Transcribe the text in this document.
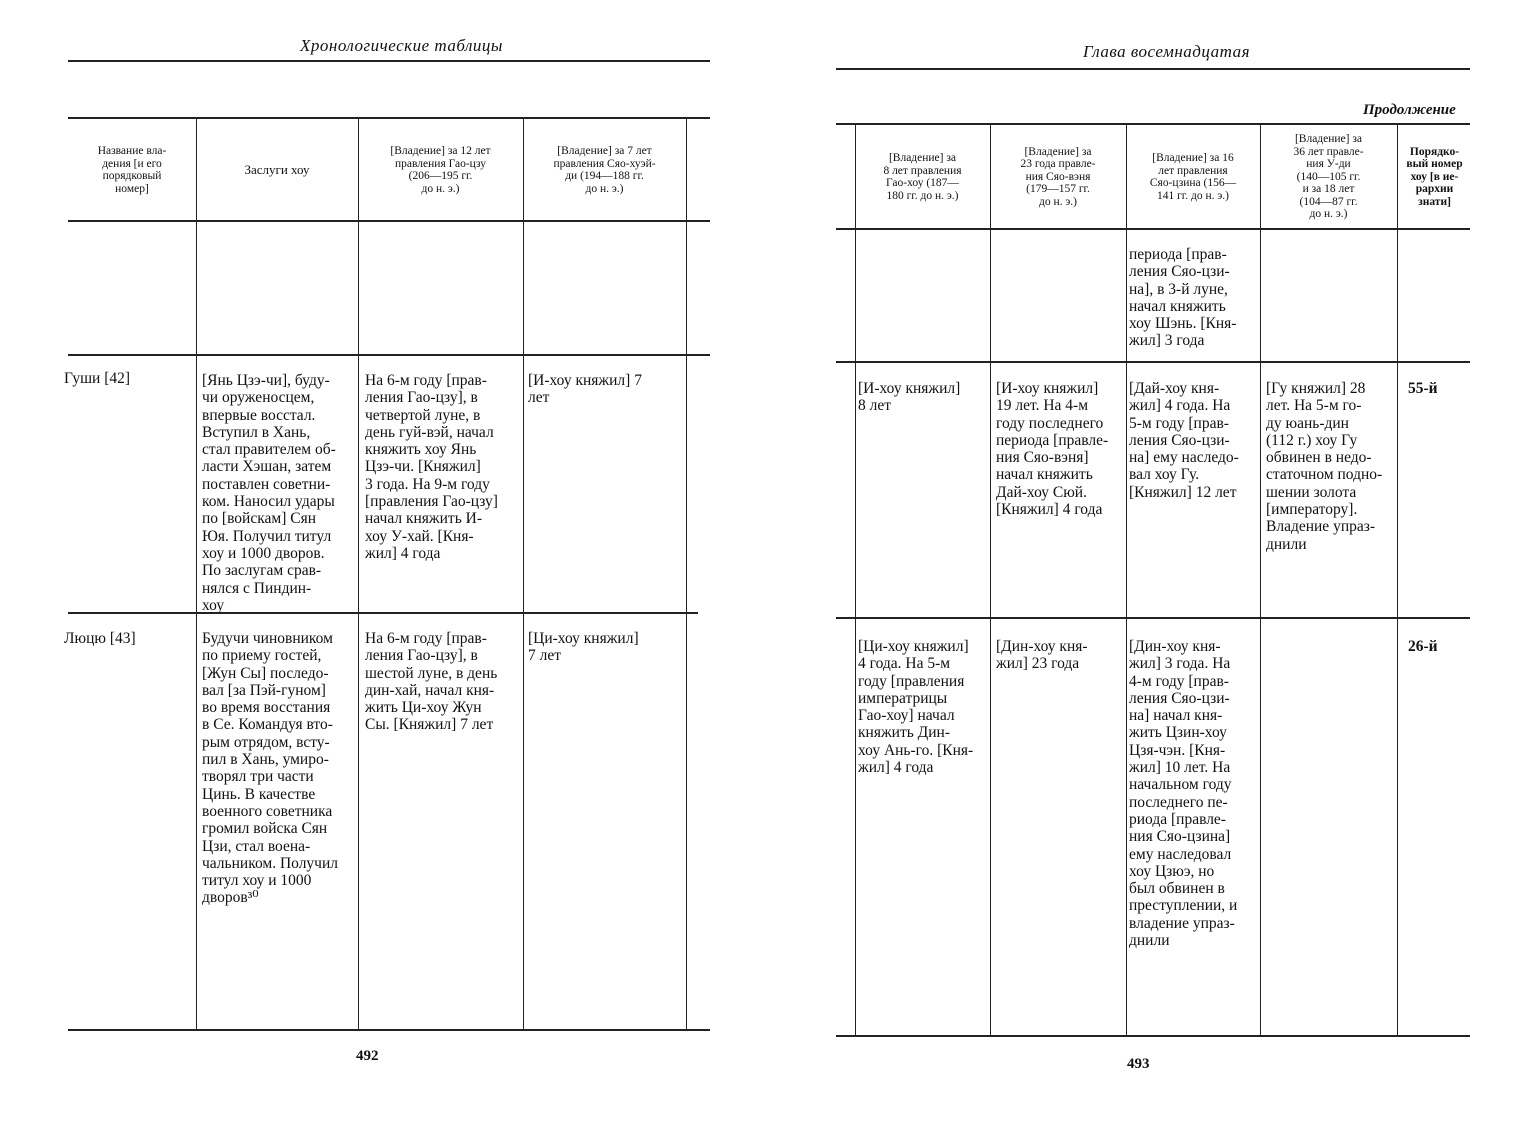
Хронологические таблицы
Название вла-
дения [и его
порядковый
номер]
Заслуги хоу
[Владение] за 12 лет
правления Гао-цзу
(206—195 гг.
до н. э.)
[Владение] за 7 лет
правления Сяо-хуэй-
ди (194—188 гг.
до н. э.)
Гуши [42]	[Янь Цзэ-чи], буду-
чи оруженосцем,
впервые восстал.
Вступил в Хань,
стал правителем об-
ласти Хэшан, затем
поставлен советни-
ком. Наносил удары
по [войскам] Сян
Юя. Получил титул
хоу и 1000 дворов.
По заслугам срав-
нялся с Пиндин-
хоу
На 6-м году [прав-
ления Гао-цзу], в
четвертой луне, в
день гуй-вэй, начал
княжить хоу Янь
Цзэ-чи. [Княжил]
3 года. На 9-м году
[правления Гао-цзу]
начал княжить И-
хоу У-хай. [Кня-
жил] 4 года
[И-хоу княжил] 7
лет
Люцю [43]	Будучи чиновником
по приему гостей,
[Жун Сы] последо-
вал [за Пэй-гуном]
во время восстания
в Се. Командуя вто-
рым отрядом, всту-
пил в Хань, умиро-
творял три части
Цинь. В качестве
военного советника
громил войска Сян
Цзи, стал воена-
чальником. Получил
титул хоу и 1000
дворов³⁰
На 6-м году [прав-
ления Гао-цзу], в
шестой луне, в день
дин-хай, начал кня-
жить Ци-хоу Жун
Сы. [Княжил] 7 лет
[Ци-хоу княжил]
7 лет
492
Глава восемнадцатая
Продолжение
[Владение] за
8 лет правления
Гао-хоу (187—
180 гг. до н. э.)
[Владение] за
23 года правле-
ния Сяо-вэня
(179—157 гг.
до н. э.)
[Владение] за 16
лет правления
Сяо-цзина (156—
141 гг. до н. э.)
[Владение] за
36 лет правле-
ния У-ди
(140—105 гг.
и за 18 лет
(104—87 гг.
до н. э.)
Порядко-
вый номер
хоу [в ие-
рархии
знати]
периода [прав-
ления Сяо-цзи-
на], в 3-й луне,
начал княжить
хоу Шэнь. [Кня-
жил] 3 года
[И-хоу княжил]
8 лет
[И-хоу княжил]
19 лет. На 4-м
году последнего
периода [правле-
ния Сяо-вэня]
начал княжить
Дай-хоу Сюй.
[Княжил] 4 года
[Дай-хоу кня-
жил] 4 года. На
5-м году [прав-
ления Сяо-цзи-
на] ему наследо-
вал хоу Гу.
[Княжил] 12 лет
[Гу княжил] 28
лет. На 5-м го-
ду юань-дин
(112 г.) хоу Гу
обвинен в недо-
статочном подно-
шении золота
[императору].
Владение упраз-
днили
55-й
[Ци-хоу княжил]
4 года. На 5-м
году [правления
императрицы
Гао-хоу] начал
княжить Дин-
хоу Ань-го. [Кня-
жил] 4 года
[Дин-хоу кня-
жил] 23 года
[Дин-хоу кня-
жил] 3 года. На
4-м году [прав-
ления Сяо-цзи-
на] начал кня-
жить Цзин-хоу
Цзя-чэн. [Кня-
жил] 10 лет. На
начальном году
последнего пе-
риода [правле-
ния Сяо-цзина]
ему наследовал
хоу Цзюэ, но
был обвинен в
преступлении, и
владение упраз-
днили
26-й
493
